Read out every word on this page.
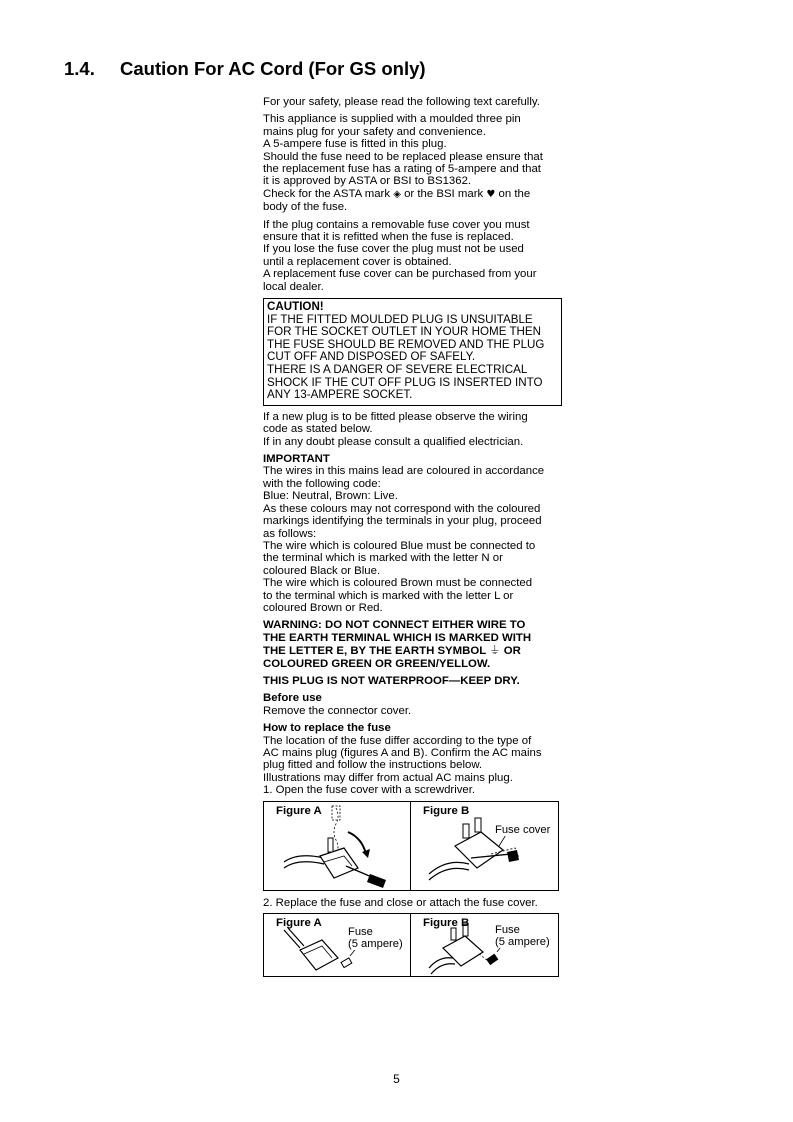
1.4. Caution For AC Cord (For GS only)

For your safety, please read the following text carefully.

This appliance is supplied with a moulded three pin
mains plug for your safety and convenience.
A 5-ampere fuse is fitted in this plug.
Should the fuse need to be replaced please ensure that
the replacement fuse has a rating of 5-ampere and that
it is approved by ASTA or BSI to BS1362.

Check for the ASTA mark ◈ or the BSI mark ♥ on the
body of the fuse.

If the plug contains a removable fuse cover you must
ensure that it is refitted when the fuse is replaced.
If you lose the fuse cover the plug must not be used
until a replacement cover is obtained.
A replacement fuse cover can be purchased from your
local dealer.

CAUTION!
IF THE FITTED MOULDED PLUG IS UNSUITABLE
FOR THE SOCKET OUTLET IN YOUR HOME THEN
THE FUSE SHOULD BE REMOVED AND THE PLUG
CUT OFF AND DISPOSED OF SAFELY.
THERE IS A DANGER OF SEVERE ELECTRICAL
SHOCK IF THE CUT OFF PLUG IS INSERTED INTO
ANY 13-AMPERE SOCKET.

If a new plug is to be fitted please observe the wiring
code as stated below.
If in any doubt please consult a qualified electrician.

IMPORTANT

The wires in this mains lead are coloured in accordance
with the following code:
Blue: Neutral, Brown: Live.
As these colours may not correspond with the coloured
markings identifying the terminals in your plug, proceed
as follows:
The wire which is coloured Blue must be connected to
the terminal which is marked with the letter N or
coloured Black or Blue.
The wire which is coloured Brown must be connected
to the terminal which is marked with the letter L or
coloured Brown or Red.

WARNING: DO NOT CONNECT EITHER WIRE TO
THE EARTH TERMINAL WHICH IS MARKED WITH
THE LETTER E, BY THE EARTH SYMBOL ⏚ OR
COLOURED GREEN OR GREEN/YELLOW.

THIS PLUG IS NOT WATERPROOF—KEEP DRY.

Before use

Remove the connector cover.

How to replace the fuse

The location of the fuse differ according to the type of
AC mains plug (figures A and B). Confirm the AC mains
plug fitted and follow the instructions below.
Illustrations may differ from actual AC mains plug.

1. Open the fuse cover with a screwdriver.

Figure A	Figure B
Fuse cover

2. Replace the fuse and close or attach the fuse cover.

Figure A
Fuse
(5 ampere)
Figure B
Fuse
(5 ampere)
5
